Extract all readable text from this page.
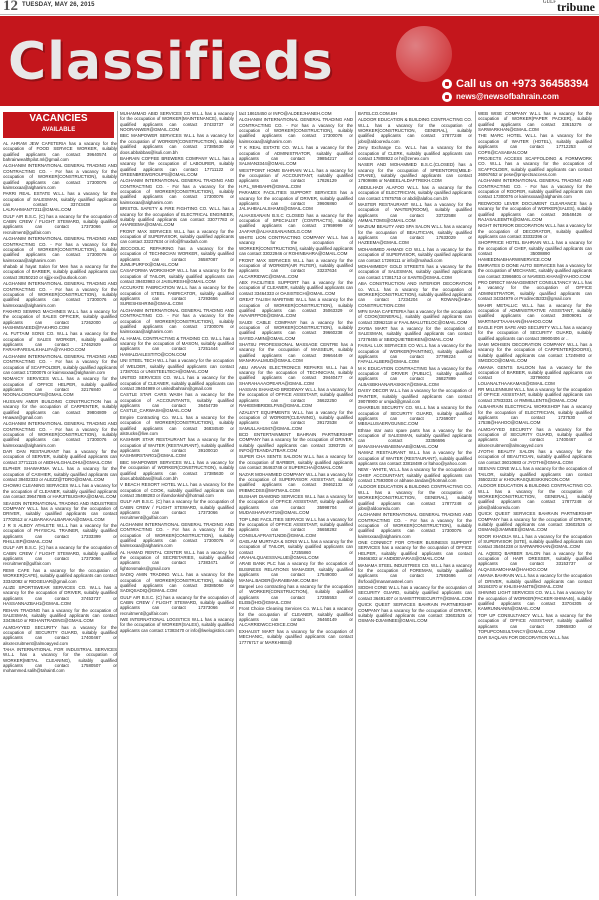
12 TUESDAY, MAY 26, 2015	$^{GULF}$tribune
Classifieds	Call us on +973 36458394
news@newsofbahrain.com
VACANCIES
AVAILABLE

AL AHRAM JEW CAFETERIA has a vacancy for the occupation of FOOD SERVICE WORKER, suitably qualified applicants can contact 39640574 or bahrainwealthpilot.ml@gmail.com

ALGHANIM INTERNATIONAL GENERAL TRADING AND CONTRACTING CO. - For has a vacancy for the occupation of WORKER(CONSTRUCTION), suitably qualified applicants can contact 17300076 or kaimsxxaa@alghanim.com

PARRI REAL ESTATE W.L.L has a vacancy for the occupation of SALESMAN, suitably qualified applicants can contact 33743438 or LALRAHMAN77211@GMAIL.COM

GULF AIR B.S.C. (C) has a vacancy for the occupation of CABIN CREW / FLIGHT STEWARD, suitably qualified applicants can contact 17373066 or recruitment@gulfair.com

ALGHANIM INTERNATIONAL GENERAL TRADING AND CONTRACTING CO. - For has a vacancy for the occupation of WORKER(CONSTRUCTION), suitably qualified applicants can contact 17300076 or kaimsxxaa@alghanim.com

shabab al hayat Salon for Men has a vacancy for the occupation of BARBER, suitably qualified applicants can contact 39250210 or sjjjjx-xx@outlook.com

ALGHANIM INTERNATIONAL GENERAL TRADING AND CONTRACTING CO. - For has a vacancy for the occupation of WORKER(CONSTRUCTION), suitably qualified applicants can contact 17300076 or kaimsxxaa@alghanim.com

FAKHRO SEWING MACHINES W.L.L has a vacancy for the occupation of SALES OFFICER, suitably qualified applicants can contact 17262000 or HASHIMSAEED@FAKHRO.COM

AL FUTTAIM SONS CO. W.L.L has a vacancy for the occupation of SALES WORKER, suitably qualified applicants can contact 17462929 or FARAHFARISALKHALIFA@YAHOO.COM

ALGHANIM INTERNATIONAL GENERAL TRADING AND CONTRACTING CO. - For has a vacancy for the occupation of SCAFFOLDER, suitably qualified applicants can contact 17300076 or kaimsxxaa@alghanim.com

NOMAICY SERVICES W.L.L has a vacancy for the occupation of OFFICE HELPER, suitably qualified applicants can contact 32176840 or NOONALOGROUPS@GMAIL.COM

HUSSAIN AMER BUILDING CONSTRUCTION has a vacancy for the occupation of CARPENTER, suitably qualified applicants can contact 39804809 or Hnawar@gmail.com

ALGHANIM INTERNATIONAL GENERAL TRADING AND CONTRACTING CO. - For has a vacancy for the occupation of WORKER(CONSTRUCTION), suitably qualified applicants can contact 17300076 or kaimsxxaa@alghanim.com

DAR DAN RESTAURANT has a vacancy for the occupation of SERVER, suitably qualified applicants can contact 37711115 or ABDHALGHALDHU@GMAIL.COM

ELPHER SHAWARMA W.L.L has a vacancy for the occupation of CASHIER, suitably qualified applicants can contact 39402333 or ALEZZ@TDRO@GMAIL.COM

CHOWKI CLEANING SERVICES W.L.L has a vacancy for the occupation of CLEANER, suitably qualified applicants can contact 39647885 or HARJITBUGHRA@GMAIL.COM

SEASON INTERNATIONAL TRADING AND INDUSTRIES COMPANY W.L.L has a vacancy for the occupation of DRIVER, suitably qualified applicants can contact 17702512 or ALBARAKAALBARAKA@GMAIL.COM

J R S ALBOY ATHLETE W.L.L has a vacancy for the occupation of PHYSICAL TRAINER, suitably qualified applicants can contact 17333399 or RHILLISP@GMAIL.COM

GULF AIR B.S.C. (C) has a vacancy for the occupation of CABIN CREW / FLIGHT STEWARD, suitably qualified applicants can contact 17373066 or recruitment@gulfair.com

REMI CAFE has a vacancy for the occupation of WORKER(CAFE), suitably qualified applicants can contact 33342082 or RIDGEUAR@gmail.com

ALIZE SPORTSWEAR SERVICES CO. W.L.L has a vacancy for the occupation of DRIVER, suitably qualified applicants can contact 37453737 or HASSANNAZBAH1@GMAIL.COM

REHAN TRADING has a vacancy for the occupation of SALESMAN, suitably qualified applicants can contact 33436410 or REHANTRADING@GMAIL.COM

ALMOAYYED SECURITY has a vacancy for the occupation of SECURITY GUARD, suitably qualified applicants can contact 17400467 or alsxrecruitment@almoayyed.com

TAHA INTERNATIONAL FOR INDUSTRIAL SERVICES W.L.L has a vacancy for the occupation of WORKER(METAL CLEANING), suitably qualified applicants can contact 17580507 or mohammed.salih@tahaintl.com

MUHAMMAD ABID SERVICES CO W.L.L has a vacancy for the occupation of WORKER(MAINTENANCE), suitably qualified applicants can contact 37433737 or NOORANWER@GMAIL.COM

BBC MANPOWER SERVICES W.L.L has a vacancy for the occupation of WORKER(CONSTRUCTION), suitably qualified applicants can contact 17385630 or doos.abbabbas@lsuli.com.bh

BAHRAIN COFFEE BREWERS COMPANY W.L.L has a vacancy for the occupation of LABOURER, suitably qualified applicants can contact 17711122 or GREENBREWGROUPS@GMAIL.COM

ALGHANIM INTERNATIONAL GENERAL TRADING AND CONTRACTING CO. - For has a vacancy for the occupation of WORKER(CONSTRUCTION), suitably qualified applicants can contact 17300076 or kaimsxxaa@alghanim.com

BRISTOL SAFETY & FIRE FIGHTING CO. W.L.L has a vacancy for the occupation of ELECTRICAL ENGINEER, suitably qualified applicants can contact 33077783 or AHAREEMA@GMAIL.COM

FRONT MAX SERVICES W.L.L has a vacancy for the occupation of SUPERVISOR, suitably qualified applicants can contact 33237634 or info@fmaxbah.com

JECCOOLIC REPAIRING has a vacancy for the occupation of TECHNICIAN WORKER, suitably qualified applicants can contact 36587087 or JUMLIPURFIX@GMAIL.COM

CASAFORMA WORKSHOP W.L.L has a vacancy for the occupation of TAILOR, suitably qualified applicants can contact 39403983 or JAISURESH@GMAIL.COM

ACCURATE FABRICATION W.L.L has a vacancy for the occupation of STEEL FABRICATOR, suitably qualified applicants can contact 17293656 or SURESHSHRINI@GMAIL.COM

ALGHANIM INTERNATIONAL GENERAL TRADING AND CONTRACTING CO. - For has a vacancy for the occupation of WORKER(CONSTRUCTION), suitably qualified applicants can contact 17300076 or kaimsxxaa@alghanim.com

AL HAMAL CONTRACTING & TRADING CO. W.L.L has a vacancy for the occupation of MASON, suitably qualified applicants can contact 17251444 or HAMALDAILESTITO@CON.COM

UNI STEEL TECH W.L.L has a vacancy for the occupation of WELDER, suitably qualified applicants can contact 17387011 or UNISTEELTECH@GMAIL.COM

UNITED SERVICES CO. W.L.L has a vacancy for the occupation of CLEANER, suitably qualified applicants can contact 39404989 or unitedbahrain@gmail.com

CASTLE STAR CARS WASH has a vacancy for the occupation of ACCOUNTANTS, suitably qualified applicants can contact 36454739 or CASTLE_CARWASH@GMAIL.COM

Empire Contracting Co. W.L.L has a vacancy for the occupation of WORKER(CONSTRUCTION), suitably qualified applicants can contact 36834540 or alstrucks@live.com

KASHMIR STAR RESTAURANT has a vacancy for the occupation of WAITER (RESTAURANT), suitably qualified applicants can contact 39100010 or KASHMIRSTAR01@GMAIL.COM

BBC MANPOWER SERVICES W.L.L has a vacancy for the occupation of WORKER(CONSTRUCTION), suitably qualified applicants can contact 17385630 or doos.abbabbas@lsuli.com.bh

V BEACH RESORT HOTEL W.L.L has a vacancy for the occupation of COOK, suitably qualified applicants can contact 35488283 or ifiamdonkish@hotmail.com

GULF AIR B.S.C. (C) has a vacancy for the occupation of CABIN CREW / FLIGHT STEWARD, suitably qualified applicants can contact 17373066 or recruitment@gulfair.com

ALGHANIM INTERNATIONAL GENERAL TRADING AND CONTRACTING CO. - For has a vacancy for the occupation of WORKER(CONSTRUCTION), suitably qualified applicants can contact 17300076 or kaimsxxaa@alghanim.com

AL HAMAD RENTAL CENTER W.L.L has a vacancy for the occupation of SECRETARIES, suitably qualified applicants can contact 17383471 or lightonsmaks@gmail.com

SADIQ AMIN TRADING W.L.L has a vacancy for the occupation of WORKER(CONSTRUCTION), suitably qualified applicants can contact 38385050 or SADIQSADIQ@GMAIL.COM

GULF AIR B.S.C. (C) has a vacancy for the occupation of CABIN CREW / FLIGHT STEWARD, suitably qualified applicants can contact 17373066 or recruitment@gulfair.com

IWE INTERNATIONAL LOGISTICS W.L.L has a vacancy for the occupation of WORKER(SALES), suitably qualified applicants can contact 17383470 or info@lwelogistics.com

tact 18615450 or INFO@ALDEEJHANEH.COM

ALGHANIM INTERNATIONAL GENERAL TRADING AND CONTRACTING CO. - For has a vacancy for the occupation of WORKER(CONSTRUCTION), suitably qualified applicants can contact 17300076 or kaimsxxaa@alghanim.com

T K REAL ESTATE CO. W.L.L has a vacancy for the occupation of ADMINISTRATOR, suitably qualified applicants can contact 39854217 or SALMAN3344@GMAIL.COM

WESTPOINT HOME BAHRAIN W.L.L has a vacancy for the occupation of ACCOUNTANT, suitably qualified applicants can contact 17826129 or H.P.L_WHBAHR@GMAIL.COM

PARAMEX FACILITIES SUPPORT SERVICES has a vacancy for the occupation of DRIVER, suitably qualified applicants can contact 39606860 or JALIAHBALALSHAMS@GMAIL.COM

ALHASSANAIN B.S.C CLOSED has a vacancy for the occupation of SPECIALIST (CONTRACTS), suitably qualified applicants can contact 17959999 or JAAFAR@ALHASSANAINOLG.COM

WHITE LION CONTRACTING COMPANY W.L.L has a vacancy for the occupation of WORKER(CONSTRUCTION), suitably qualified applicants can contact 33022946 or ROHINBAHRA@GMAIL.COM

FRONT MAX SERVICES W.L.L has a vacancy for the occupation of WORKER(AIR FILTER), suitably qualified applicants can contact 33237634 or ALCARRIDWC@GMAIL.COM

ABX FACILITIES SUPPORT has a vacancy for the occupation of CLEANER, suitably qualified applicants can contact 33464333 or OASISTECH@GMAIL.COM

GREAT TALISH MARITIME W.L.L has a vacancy for the occupation of WORKER(CONSTRUCTION), suitably qualified applicants can contact 35063329 or AVAAIRFPOE@GMAIL.COM

SAUDI CABLE COMPANY has a vacancy for the occupation of WORKER(CONSTRUCTION), suitably qualified applicants can contact 39660238 or SAYED.AMIN@GMAIL.COM

SHATSU PROFESSIONAL MASSAGE CENTRE has a vacancy for the occupation of MASSEUR, suitably qualified applicants can contact 39664449 or MANARAALMUD@GMAIL.COM

ABU ARAAN ELECTRONICS REPAIRS W.L.L has a vacancy for the occupation of TECHNICIAN, suitably qualified applicants can contact 39440477 or SHARAHAAAOPEARA@GMAIL.COM

HASSAN SHAHZAD BRIDEWAY W.L.L has a vacancy for the occupation of OFFICE ASSISTANT, suitably qualified applicants can contact 36622250 or RAHEEMBRIDELFNS@GMAIL.COM

AZALEYT EQUIPMENTS W.L.L has a vacancy for the occupation of WORKER(CLEANING), suitably qualified applicants can contact 39172538 or SAMULLAH1947@GMAIL.COM

BCD ENTERTAINMENT BAHRAIN PARTNERSHIP COMPANY has a vacancy for the occupation of DRIVER, suitably qualified applicants can contact 3393725 or INFO@TEANDAJTBAR.COM

SUPER CHA SENTS SALOON W.L.L has a vacancy for the occupation of BARBER, suitably qualified applicants can contact 36463748 or SUPERCHA@GMAIL.COM

NAZAR MOHAMMED COMPANY W.L.L has a vacancy for the occupation of SUPERVISOR ASSISTANT, suitably qualified applicants can contact 39462132 or IRIBMICDSS@MATMAIL.COM

BUSHAR DIAMOND SERVICES W.L.L has a vacancy for the occupation of OFFICE ASSISTANT, suitably qualified applicants can contact 35998704 or MUDASHARAFAT19@GMAIL.COM

TOP LINE FACILITIES SERVICE W.L.L has a vacancy for the occupation of OFFICE ASSISTANT, suitably qualified applicants can contact 36658292 or CONSULAFRASTLNDE@GMAIL.COM

GAELAM MURTAZA & SONS W.L.L has a vacancy for the occupation of TAILOR, suitably qualified applicants can contact 17255860 or ARAHALQUAESSVALUE@GMAIL.COM

ARAB BANK PLC has a vacancy for the occupation of BUSINESS RELATIONS MANAGER, suitably qualified applicants can contact 17549000 or MANAL.BADER@ARABBANK.COM.BH

Bargeel Leo contracting has a vacancy for the occupation of WORKER(CONSTRUCTION), suitably qualified applicants can contact 17255553 or ELEB@HO@GMAIL.COM

Front Choice Cleaning Services Co. W.L.L has a vacancy for the occupation of CLEANER, suitably qualified applicants can contact 36460149 or ALCARRIDWCCHOICE.COM

EXHAUST MART has a vacancy for the occupation of MECHANIC, suitably qualified applicants can contact 17776717 or MARKHIBS@

BATELCO.COM.BH

ALDOOR EDUCATION & BUILDING CONTRACTING CO. W.L.L has a vacancy for the occupation of WORKER(CONSTRUCTION, GENERAL), suitably qualified applicants can contact 17877248 or jobs@aldooredu.com

Zeny Exchange Co. W.L.L has a vacancy for the occupation of CLERK, suitably qualified applicants can contact 17808922 or hr@zenex.com

NASER AND MOHAMMED B.S.C.(CLOSED) has a vacancy for the occupation of SPEENTORS(MBLE-CRANE), suitably qualified applicants can contact 17809886 or NABEELALDAFTREKH.COM

ABDULHADI ALAFOO W.L.L has a vacancy for the occupation of ELECTRICIAN, suitably qualified applicants can contact 17875755 or abdi@alafoo.com.bh

MASTER RESTAURANT W.L.L has a vacancy for the occupation of WAITER(ROOM), suitably qualified applicants can contact 33722588 or AMMALTOMS@GMAIL.COM

MAZIUM BEAUTY AND SPA SALON W.L.L has a vacancy for the occupation of BEAUTICIAN, suitably qualified applicants can contact 17633029 or HAZEEMA@GMAIL.COM

MOHAMMED AHMADI CO W.L.L has a vacancy for the occupation of SUPERVISOR, suitably qualified applicants can contact 17269111 or info@mahadi.com

MOHAMMEDY GOLD STREETS has a vacancy for the occupation of SALESMAN, suitably qualified applicants can contact 17381713 or SANTE@GMAIL.COM

ABA CONSTRUCTION AND INTERIOR DECORATION co. W.L.L has a vacancy for the occupation of WORKER(CONSTRUCTION), suitably qualified applicants can contact 17234204 or ROWAN@ABA-CONSTRUCTION.COM

MFN SANA CAFETERIA has a vacancy for the occupation of COOK(GENERAL), suitably qualified applicants can contact 33962118 or FAALIMALUTELOC@GMAIL.COM

ZAYBA MART has a vacancy for the occupation of SALESMAN, suitably qualified applicants can contact 17378455 or SBIDQUIETBEIKEN@GMAIL.COM

FAISAL LUX SERVICES CO W.L.L has a vacancy for the occupation of WORKER(PAINTING), suitably qualified applicants can contact 37799224 or FAFALLALBERI@GMAIL.COM

M K EDUCATION CONTRACTING has a vacancy for the occupation of DRIVER (PUBLIC), suitably qualified applicants can contact 36827899 or ALBASBKHANARASKIKY@GMAIL.COM

DAISY DECOR W.L.L has a vacancy for the occupation of PAINTER, suitably qualified applicants can contact 39078900 or umjad@gmail.com

GHARBUS SECURITY CO. W.L.L has a vacancy for the occupation of SECURITY GUARD, suitably qualified applicants can contact 17269007 or MBSALUSAERVGUNSC.COM

Ethrae star auto spare parts has a vacancy for the occupation of SALESMAN, suitably qualified applicants can contact 33356696 or BANASHAHABABSNAAB@GMAIL.COM

NAMAZ RESTAURANT W.L.L has a vacancy for the occupation of WAITER (RESTAURANT), suitably qualified applicants can contact 33818489 or ltahoo@yahoo.com

NEW - WHITE, W.L.L has a vacancy for the occupation of CHIEF ACCOUNTANT, suitably qualified applicants can contact 17593008 or abhase.tandan@hotmail.com

ALDOOR EDUCATION & BUILDING CONTRACTING CO. W.L.L has a vacancy for the occupation of WORKER(CONSTRUCTION, GENERAL), suitably qualified applicants can contact 17877248 or jobs@aldooredu.com

ALGHANIM INTERNATIONAL GENERAL TRADING AND CONTRACTING CO. - For has a vacancy for the occupation of WORKER(CONSTRUCTION), suitably qualified applicants can contact 17300076 or kaimsxxaa@alghanim.com

ONE CONNECT FOR OTHER BUSINESS SUPPORT SERVICES has a vacancy for the occupation of OFFICE HELPER, suitably qualified applicants can contact 39466302 or ANDIDEVARAS@GMAIL.COM

MANAMA STEEL INDUSTRIES CO. W.L.L has a vacancy for the occupation of FOREMAN, suitably qualified applicants can contact 17593696 or ifsrfood@manamasteel.com

SIDDHI CONE W.L.L has a vacancy for the occupation of SECURITY GUARD, suitably qualified applicants can contact 36491407 or SAMSTTRSECURITY@GMAIL.COM

QUICK QUEST SERVICES BAHRAIN PARTNERSHIP COMPANY has a vacancy for the occupation of DRIVER, suitably qualified applicants can contact 33602525 or OSMAN-DJIAMNEE@GMAIL.COM

WEB WISE COMPANY W.L.L has a vacancy for the occupation of WORKER(PAPER PACKER), suitably qualified applicants can contact 33615276 or SARWARKHAN@GMAIL.COM

THE MARC HOTEL W.L.L has a vacancy for the occupation of WAITER (HOTEL), suitably qualified applicants can contact 17712253 or COPS@CASABAN.COM

PROJECTS ACCESS SCAFFOLDING & FORMWORK CO. W.L.L has a vacancy for the occupation of SCAFFOLDER, suitably qualified applicants can contact 36067652 or pese@projectsaccess.com

ALGHANIM INTERNATIONAL GENERAL TRADING AND CONTRACTING CO. - For has a vacancy for the occupation of ROOFER, suitably qualified applicants can contact 17300076 or kaimsxxaa@alghanim.com

REDWOOD LEVER DOCUMENT CLEARANCE has a vacancy for the occupation of WORKER(SALES), suitably qualified applicants can contact 36548426 or RAJASALEEMTK@GMAIL.COM

NIGHT INTERIOR DECORATION W.L.L has a vacancy for the occupation of DECORATOR, suitably qualified applicants can contact 33332396 or

SHOPPRICE HOTEL BAHRAIN W.L.L has a vacancy for the occupation of CHEF, suitably qualified applicants can contact 35008890 or HAMEEDNABHARWINERVICE.COM

EMIRATES D DONE AUTO SERVICES has a vacancy for the occupation of MECHANIC, suitably qualified applicants can contact 33966801 or NAVEED.KHAN@YAHOO.COM

PRO DIRECT MANAGEMENT CONSULTANCY W.L.L has a vacancy for the occupation of OFFICE ADMINISTRATOR, suitably qualified applicants can contact 34334979 or Prodirect5333@gmail.com

MAHIR METALLIC W.L.L has a vacancy for the occupation of ADMINISTRATIVE ASSISTANT, suitably qualified applicants can contact 38009091 or MARTINATTAAAHAN@HAHOO.COM

EAGLE FOR SAFE AND SECURITY W.L.L has a vacancy for the occupation of SECURITY GUARD, suitably qualified applicants can contact 39900406 or ..

SAMI MOHSEN DECORATION COMPANY W.L.L has a vacancy for the occupation of CARPENTER(DOORS), suitably qualified applicants can contact 17249493 or SMGDCO@GMAIL.COM

AMANA GENTS SALOON has a vacancy for the occupation of BARBER, suitably qualified applicants can contact 33796002 or LOUANALTHAAKAMAS@GMAIL.COM

RR MILLENNIUM W.L.L has a vacancy for the occupation of OFFICE ASSISTANT, suitably qualified applicants can contact 37833331 or RMMILLENTS@GMAIL.COM

ALBAHRAIN ELECTRICAL WORKSHOP has a vacancy for the occupation of ELECTRICIAN, suitably qualified applicants can contact 1737530 or 17538@HAHOO@GMAIL.COM

ALMOAYYED SECURITY has a vacancy for the occupation of SECURITY GUARD, suitably qualified applicants can contact 17400467 or alsxrecruitment@almoayyed.com

JYOTHI BEAUTY SALON has a vacancy for the occupation of BEAUTICIAN, suitably qualified applicants can contact 36010683 or JYOTHI@GMAIL.COM

SEEVAN CONE W.L.L has a vacancy for the occupation of TAILOR, suitably qualified applicants can contact 35502232 or KHOURASQUESKKINCON.COM

ALDOOR EDUCATION & BUILDING CONTRACTING CO. W.L.L has a vacancy for the occupation of WORKER(CONSTRUCTION, GENERAL), suitably qualified applicants can contact 17877248 or jobs@aldooredu.com

QUICK QUEST SERVICES BAHRAIN PARTNERSHIP COMPANY has a vacancy for the occupation of DRIVER, suitably qualified applicants can contact 33602525 or OSMAN@JIAMNEE@GMAIL.COM

NOOR KHADIJA W.L.L has a vacancy for the occupation of SUPERVISOR (SITE), suitably qualified applicants can contact 35404238 or SARWARKHAN@GMAIL.COM

AL AQEEQ BARBER SALON has a vacancy for the occupation of HAIR DRESSER, suitably qualified applicants can contact 33153737 or ALQASSAMOHAM@HAHOO.COM

AMANA BAHRAIN W.L.L has a vacancy for the occupation of DRIVER, suitably qualified applicants can contact 36184370 or KHLISHAN4T8@GMAIL.COM

SHINING LIGHT SERVICES CO. W.L.L has a vacancy for the occupation of WORKER(PACKER-SHIMA46), suitably qualified applicants can contact 33704305 or KAMRUNNANIN@GMAIL.COM

TOP UP CONSULTANCY W.L.L has a vacancy for the occupation of OFFICE ASSISTANT, suitably qualified applicants can contact 33965830 or TOPUPCONSULTANCY@GMAIL.COM

DAR SAQLAIN FOR DECORATION W.L.L has
